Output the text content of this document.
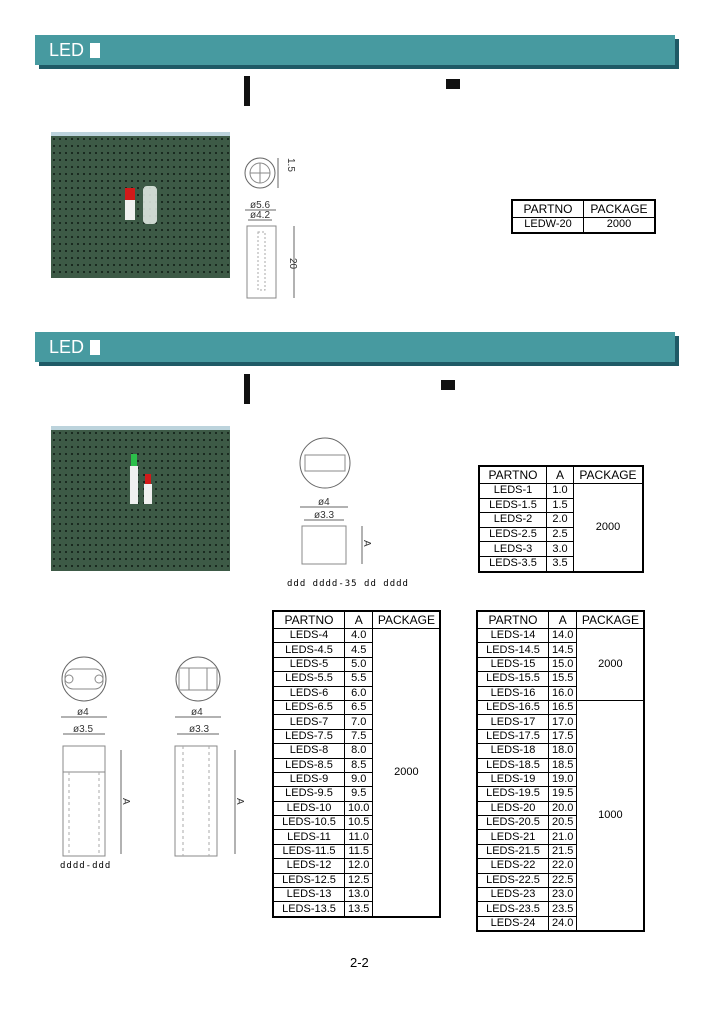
LED
1.5
ø5.6
ø4.2
20
PARTNO	PACKAGE
LEDW-20	2000
LED
ø4
ø3.3
A
ddd dddd-35 dd dddd
PARTNO	A	PACKAGE
LEDS-1	1.0	2000
LEDS-1.5	1.5	
LEDS-2	2.0	
LEDS-2.5	2.5	
LEDS-3	3.0	
LEDS-3.5	3.5	
ø4
ø3.5
A
ø4
ø3.3
A
dddd-ddd
PARTNO	A	PACKAGE
LEDS-4	4.0	2000
LEDS-4.5	4.5	
LEDS-5	5.0	
LEDS-5.5	5.5	
LEDS-6	6.0	
LEDS-6.5	6.5	
LEDS-7	7.0	
LEDS-7.5	7.5	
LEDS-8	8.0	
LEDS-8.5	8.5	
LEDS-9	9.0	
LEDS-9.5	9.5	
LEDS-10	10.0	
LEDS-10.5	10.5	
LEDS-11	11.0	
LEDS-11.5	11.5	
LEDS-12	12.0	
LEDS-12.5	12.5	
LEDS-13	13.0	
LEDS-13.5	13.5	
PARTNO	A	PACKAGE
LEDS-14	14.0	2000
LEDS-14.5	14.5	
LEDS-15	15.0	
LEDS-15.5	15.5	
LEDS-16	16.0	
LEDS-16.5	16.5	1000
LEDS-17	17.0	
LEDS-17.5	17.5	
LEDS-18	18.0	
LEDS-18.5	18.5	
LEDS-19	19.0	
LEDS-19.5	19.5	
LEDS-20	20.0	
LEDS-20.5	20.5	
LEDS-21	21.0	
LEDS-21.5	21.5	
LEDS-22	22.0	
LEDS-22.5	22.5	
LEDS-23	23.0	
LEDS-23.5	23.5	
LEDS-24	24.0	
2-2
